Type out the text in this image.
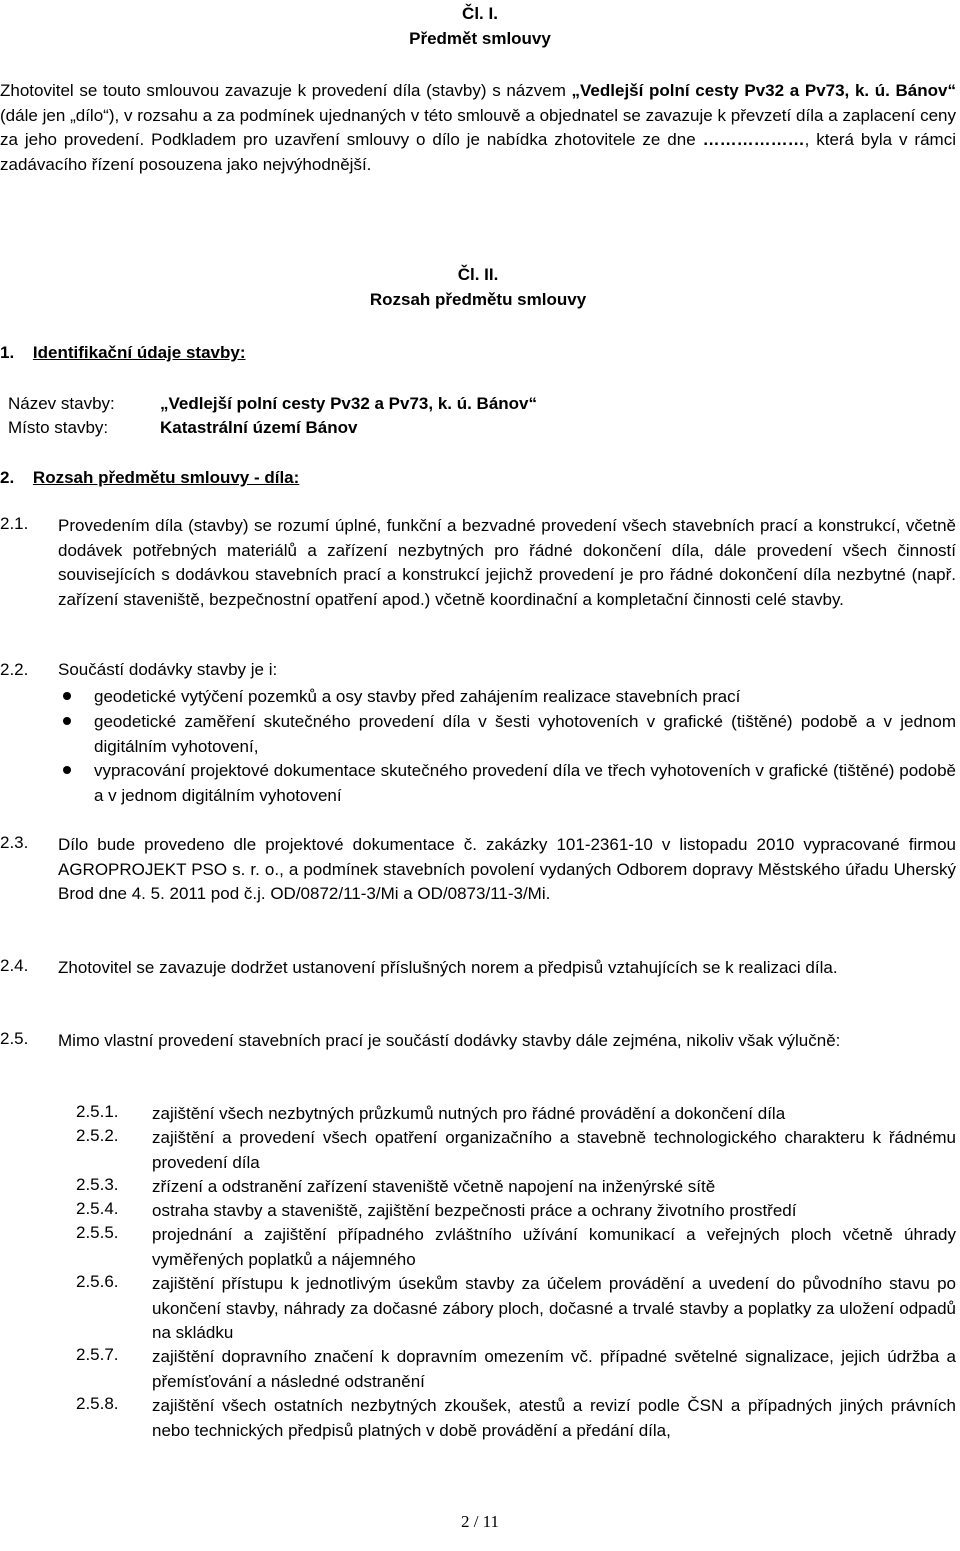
Čl. I.
Předmět smlouvy
Zhotovitel se touto smlouvou zavazuje k provedení díla (stavby) s názvem „Vedlejší polní cesty Pv32 a Pv73, k. ú. Bánov“ (dále jen „dílo“), v rozsahu a za podmínek ujednaných v této smlouvě a objednatel se zavazuje k převzetí díla a zaplacení ceny za jeho provedení. Podkladem pro uzavření smlouvy o dílo je nabídka zhotovitele ze dne ………………, která byla v rámci zadávacího řízení posouzena jako nejvýhodnější.
Čl. II.
Rozsah předmětu smlouvy
1. Identifikační údaje stavby:
Název stavby:	„Vedlejší polní cesty Pv32 a Pv73, k. ú. Bánov“
Místo stavby:	Katastrální území Bánov
2. Rozsah předmětu smlouvy - díla:
2.1. Provedením díla (stavby) se rozumí úplné, funkční a bezvadné provedení všech stavebních prací a konstrukcí, včetně dodávek potřebných materiálů a zařízení nezbytných pro řádné dokončení díla, dále provedení všech činností souvisejících s dodávkou stavebních prací a konstrukcí jejichž provedení je pro řádné dokončení díla nezbytné (např. zařízení staveniště, bezpečnostní opatření apod.) včetně koordinační a kompletační činnosti celé stavby.
2.2. Součástí dodávky stavby je i:
geodetické vytýčení pozemků a osy stavby před zahájením realizace stavebních prací
geodetické zaměření skutečného provedení díla v šesti vyhotoveních v grafické (tištěné) podobě a v jednom digitálním vyhotovení,
vypracování projektové dokumentace skutečného provedení díla ve třech vyhotoveních v grafické (tištěné) podobě a v jednom digitálním vyhotovení
2.3. Dílo bude provedeno dle projektové dokumentace č. zakázky 101-2361-10 v listopadu 2010 vypracované firmou AGROPROJEKT PSO s. r. o., a podmínek stavebních povolení vydaných Odborem dopravy Městského úřadu Uherský Brod dne 4. 5. 2011 pod č.j. OD/0872/11-3/Mi a OD/0873/11-3/Mi.
2.4. Zhotovitel se zavazuje dodržet ustanovení příslušných norem a předpisů vztahujících se k realizaci díla.
2.5. Mimo vlastní provedení stavebních prací je součástí dodávky stavby dále zejména, nikoliv však výlučně:
2.5.1. zajištění všech nezbytných průzkumů nutných pro řádné provádění a dokončení díla
2.5.2. zajištění a provedení všech opatření organizačního a stavebně technologického charakteru k řádnému provedení díla
2.5.3. zřízení a odstranění zařízení staveniště včetně napojení na inženýrské sítě
2.5.4. ostraha stavby a staveniště, zajištění bezpečnosti práce a ochrany životního prostředí
2.5.5. projednání a zajištění případného zvláštního užívání komunikací a veřejných ploch včetně úhrady vyměřených poplatků a nájemného
2.5.6. zajištění přístupu k jednotlivým úsekům stavby za účelem provádění a uvedení do původního stavu po ukončení stavby, náhrady za dočasné zábory ploch, dočasné a trvalé stavby a poplatky za uložení odpadů na skládku
2.5.7. zajištění dopravního značení k dopravním omezením vč. případné světelné signalizace, jejich údržba a přemísťování a následné odstranění
2.5.8. zajištění všech ostatních nezbytných zkoušek, atestů a revizí podle ČSN a případných jiných právních nebo technických předpisů platných v době provádění a předání díla,
2 / 11
